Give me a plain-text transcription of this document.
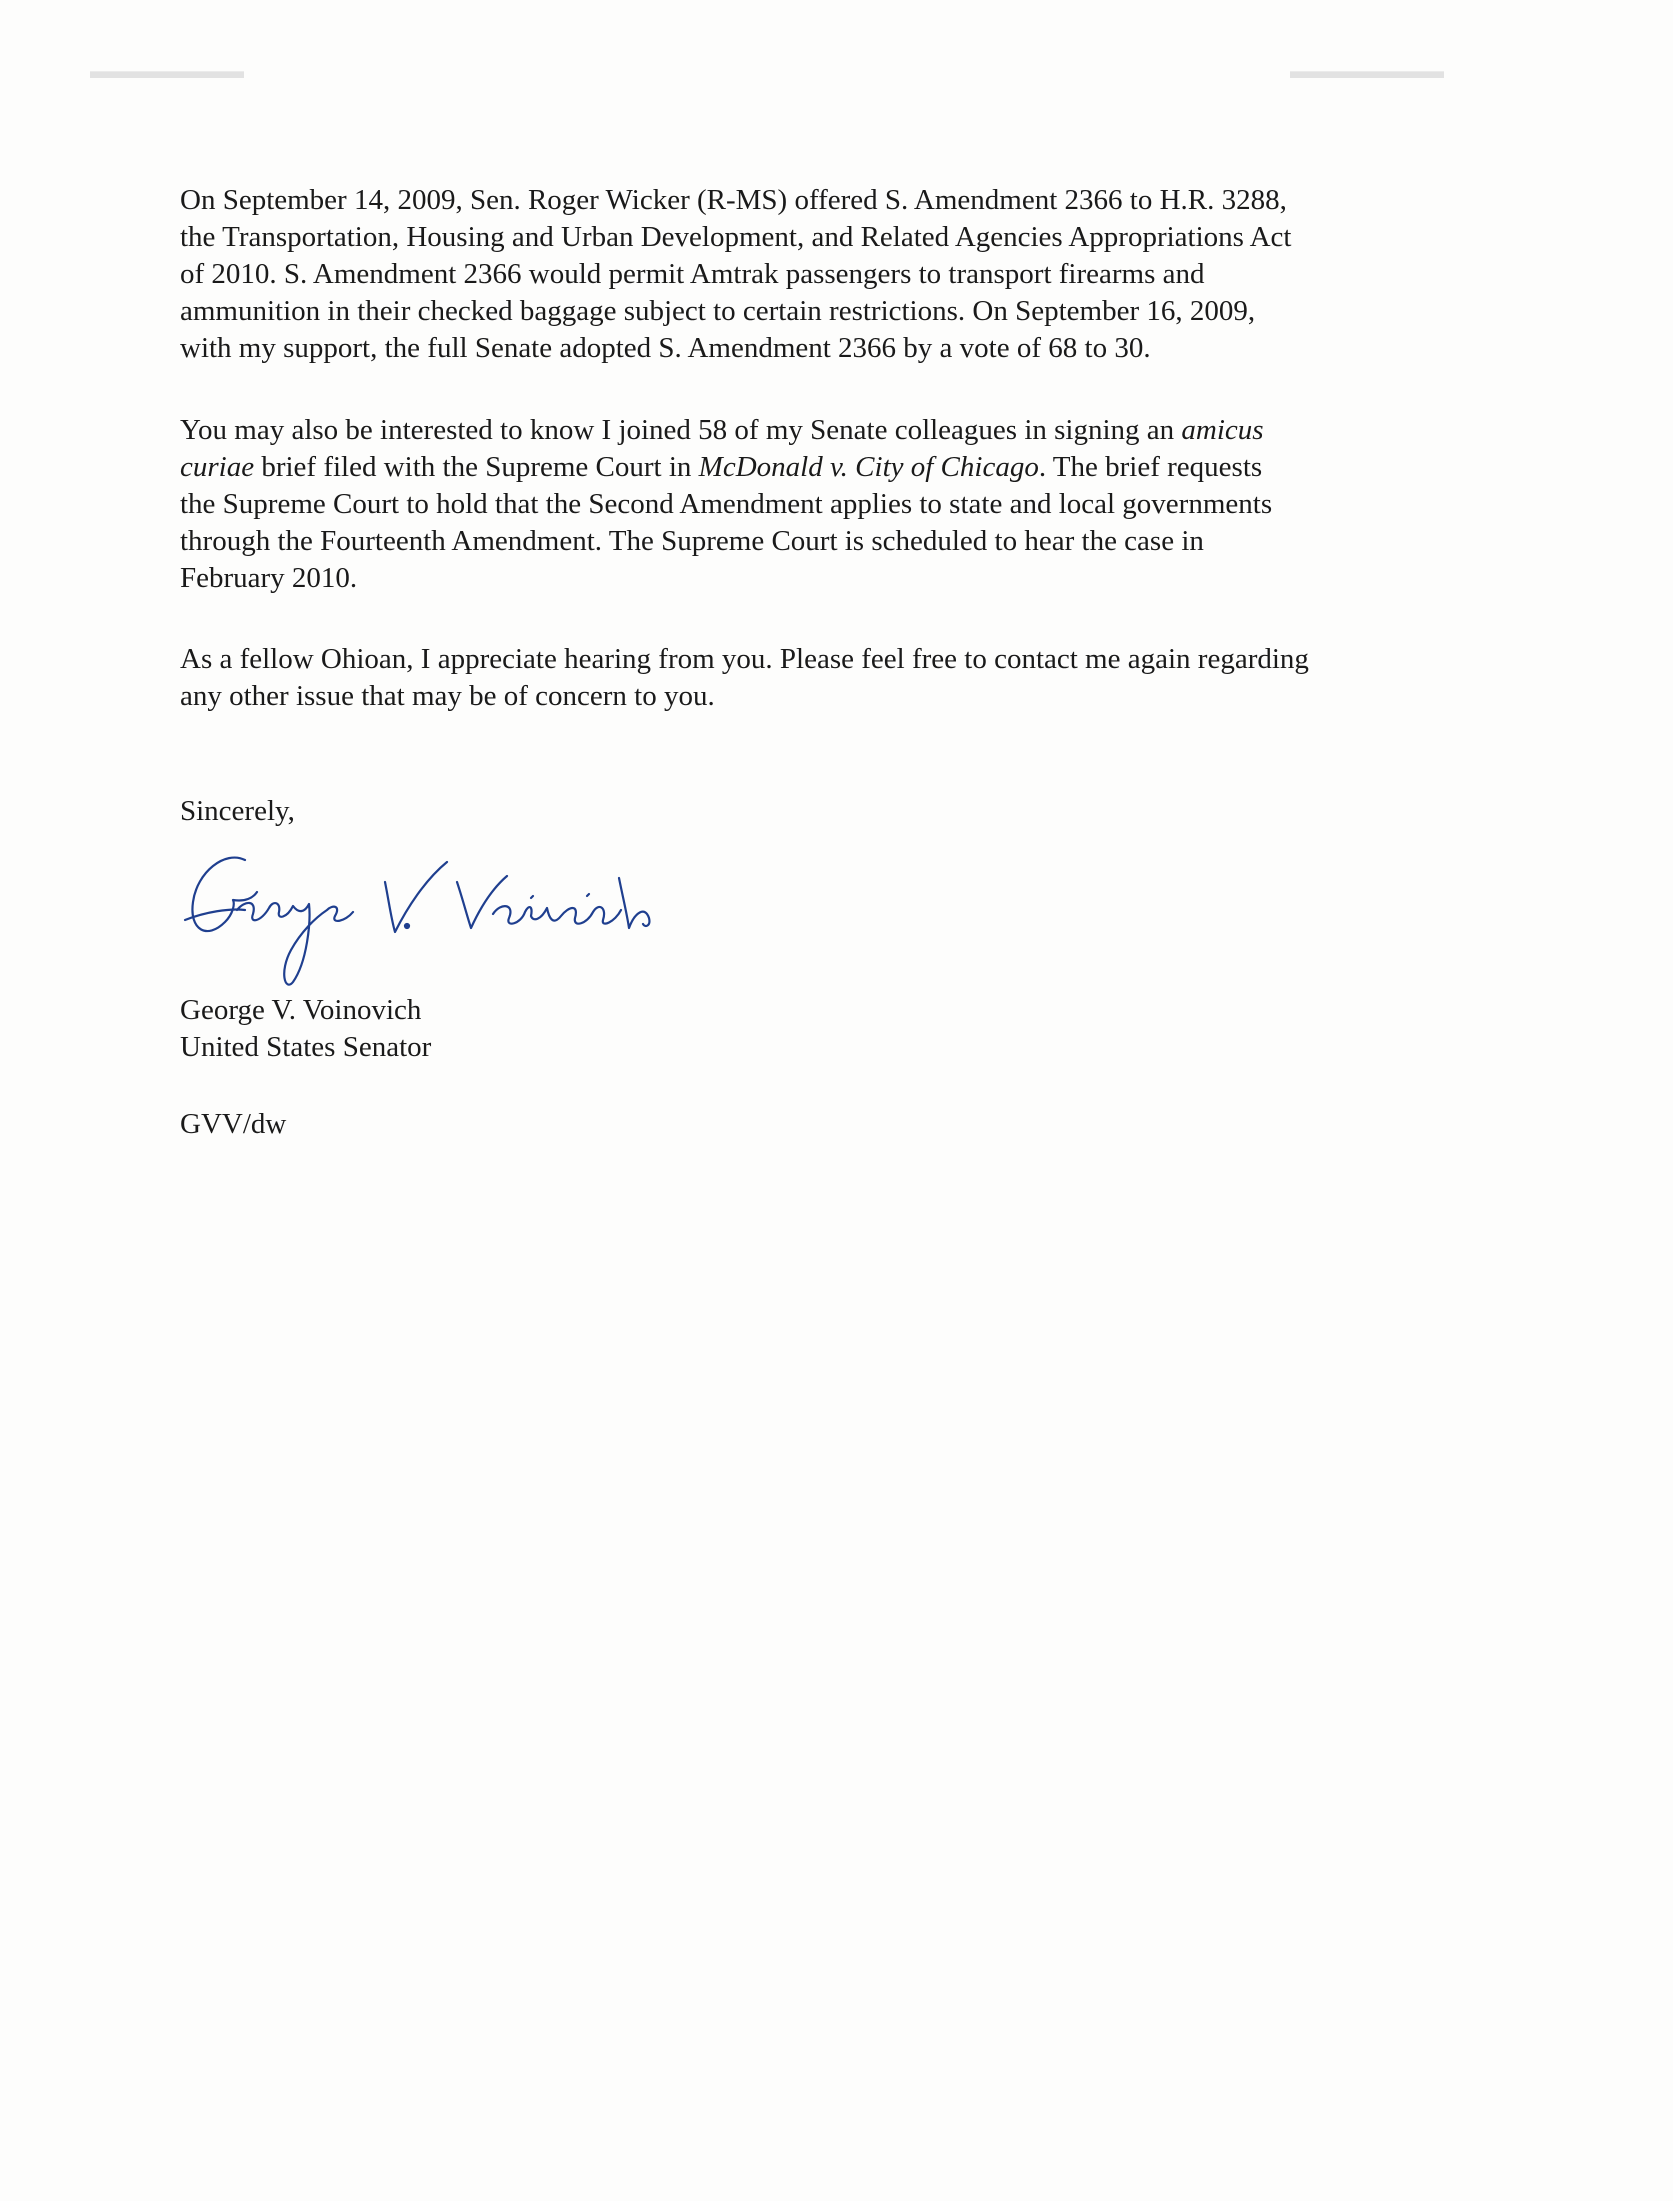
▬▬▬▬▬▬▬	▬▬▬▬▬▬▬

On September 14, 2009, Sen. Roger Wicker (R-MS) offered S. Amendment 2366 to H.R. 3288,
the Transportation, Housing and Urban Development, and Related Agencies Appropriations Act
of 2010. S. Amendment 2366 would permit Amtrak passengers to transport firearms and
ammunition in their checked baggage subject to certain restrictions. On September 16, 2009,
with my support, the full Senate adopted S. Amendment 2366 by a vote of 68 to 30.

You may also be interested to know I joined 58 of my Senate colleagues in signing an amicus
curiae brief filed with the Supreme Court in McDonald v. City of Chicago. The brief requests
the Supreme Court to hold that the Second Amendment applies to state and local governments
through the Fourteenth Amendment. The Supreme Court is scheduled to hear the case in
February 2010.

As a fellow Ohioan, I appreciate hearing from you. Please feel free to contact me again regarding
any other issue that may be of concern to you.

Sincerely,
George V. Voinovich
United States Senator
GVV/dw
